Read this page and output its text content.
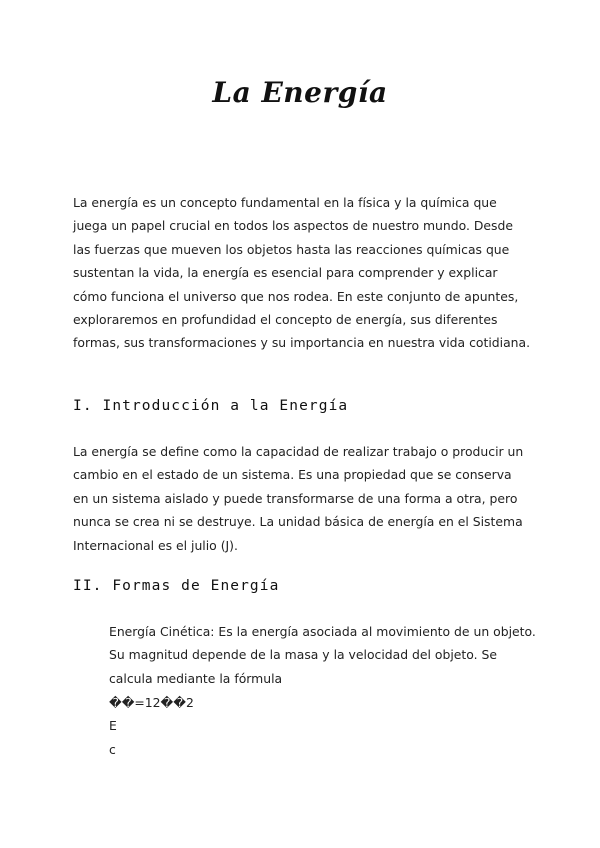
La Energía

La energía es un concepto fundamental en la física y la química que juega un papel crucial en todos los aspectos de nuestro mundo. Desde las fuerzas que mueven los objetos hasta las reacciones químicas que sustentan la vida, la energía es esencial para comprender y explicar cómo funciona el universo que nos rodea. En este conjunto de apuntes, exploraremos en profundidad el concepto de energía, sus diferentes formas, sus transformaciones y su importancia en nuestra vida cotidiana.

I. Introducción a la Energía

La energía se define como la capacidad de realizar trabajo o producir un cambio en el estado de un sistema. Es una propiedad que se conserva en un sistema aislado y puede transformarse de una forma a otra, pero nunca se crea ni se destruye. La unidad básica de energía en el Sistema Internacional es el julio (J).

II. Formas de Energía

Energía Cinética: Es la energía asociada al movimiento de un objeto. Su magnitud depende de la masa y la velocidad del objeto. Se calcula mediante la fórmula

��=12��2

E

c
